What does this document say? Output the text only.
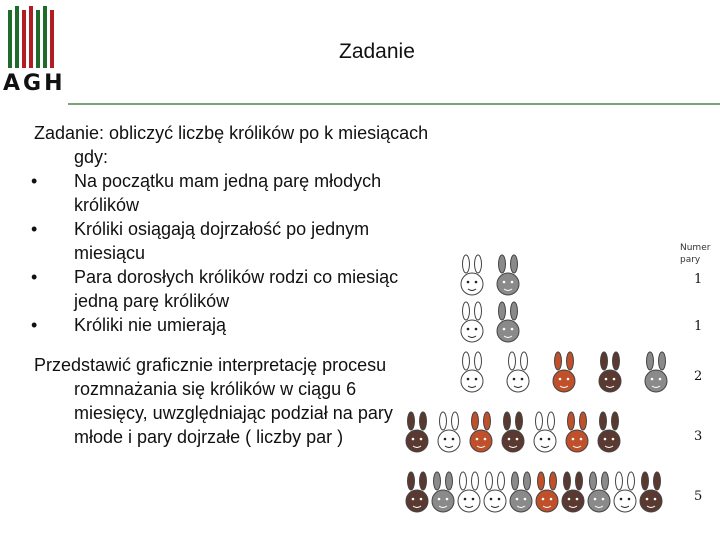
AGH
Zadanie

Zadanie: obliczyć liczbę królików po k miesiącach gdy:

• Na początku mam jedną parę młodych królików
• Króliki osiągają dojrzałość po jednym miesiącu
• Para dorosłych królików rodzi co miesiąc jedną parę królików
• Króliki nie umierają

Przedstawić graficznie interpretację procesu rozmnażania się królików w ciągu 6 miesięcy, uwzględniając podział na pary młode i pary dojrzałe ( liczby par )

Numer
pary
1
1
2
3
5
